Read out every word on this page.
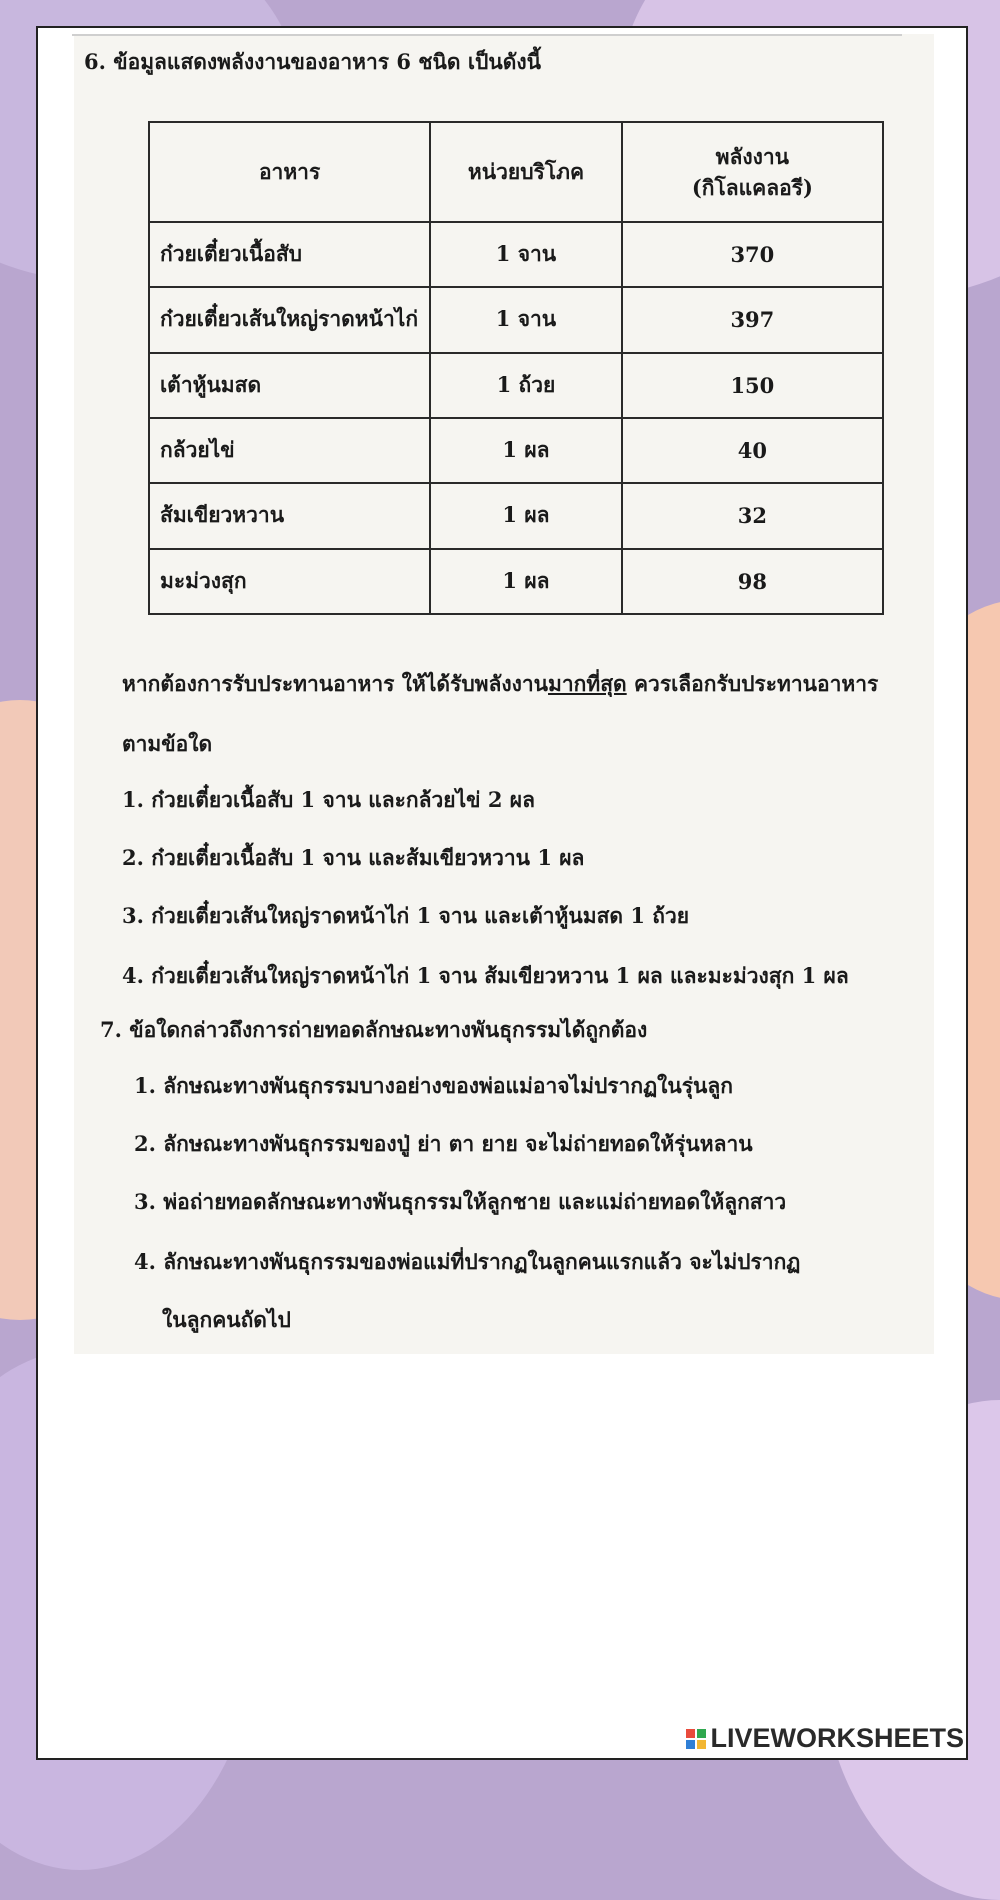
6. ข้อมูลแสดงพลังงานของอาหาร 6 ชนิด เป็นดังนี้
อาหาร	หน่วยบริโภค	พลังงาน
(กิโลแคลอรี)

ก๋วยเตี๋ยวเนื้อสับ	1 จาน	370
ก๋วยเตี๋ยวเส้นใหญ่ราดหน้าไก่	1 จาน	397
เต้าหู้นมสด	1 ถ้วย	150
กล้วยไข่	1 ผล	40
ส้มเขียวหวาน	1 ผล	32
มะม่วงสุก	1 ผล	98
หากต้องการรับประทานอาหาร ให้ได้รับพลังงานมากที่สุด ควรเลือกรับประทานอาหาร
ตามข้อใด
1. ก๋วยเตี๋ยวเนื้อสับ 1 จาน และกล้วยไข่ 2 ผล
2. ก๋วยเตี๋ยวเนื้อสับ 1 จาน และส้มเขียวหวาน 1 ผล
3. ก๋วยเตี๋ยวเส้นใหญ่ราดหน้าไก่ 1 จาน และเต้าหู้นมสด 1 ถ้วย
4. ก๋วยเตี๋ยวเส้นใหญ่ราดหน้าไก่ 1 จาน ส้มเขียวหวาน 1 ผล และมะม่วงสุก 1 ผล
7. ข้อใดกล่าวถึงการถ่ายทอดลักษณะทางพันธุกรรมได้ถูกต้อง
1. ลักษณะทางพันธุกรรมบางอย่างของพ่อแม่อาจไม่ปรากฏในรุ่นลูก
2. ลักษณะทางพันธุกรรมของปู่ ย่า ตา ยาย จะไม่ถ่ายทอดให้รุ่นหลาน
3. พ่อถ่ายทอดลักษณะทางพันธุกรรมให้ลูกชาย และแม่ถ่ายทอดให้ลูกสาว
4. ลักษณะทางพันธุกรรมของพ่อแม่ที่ปรากฏในลูกคนแรกแล้ว จะไม่ปรากฏ
ในลูกคนถัดไป
LIVEWORKSHEETS
